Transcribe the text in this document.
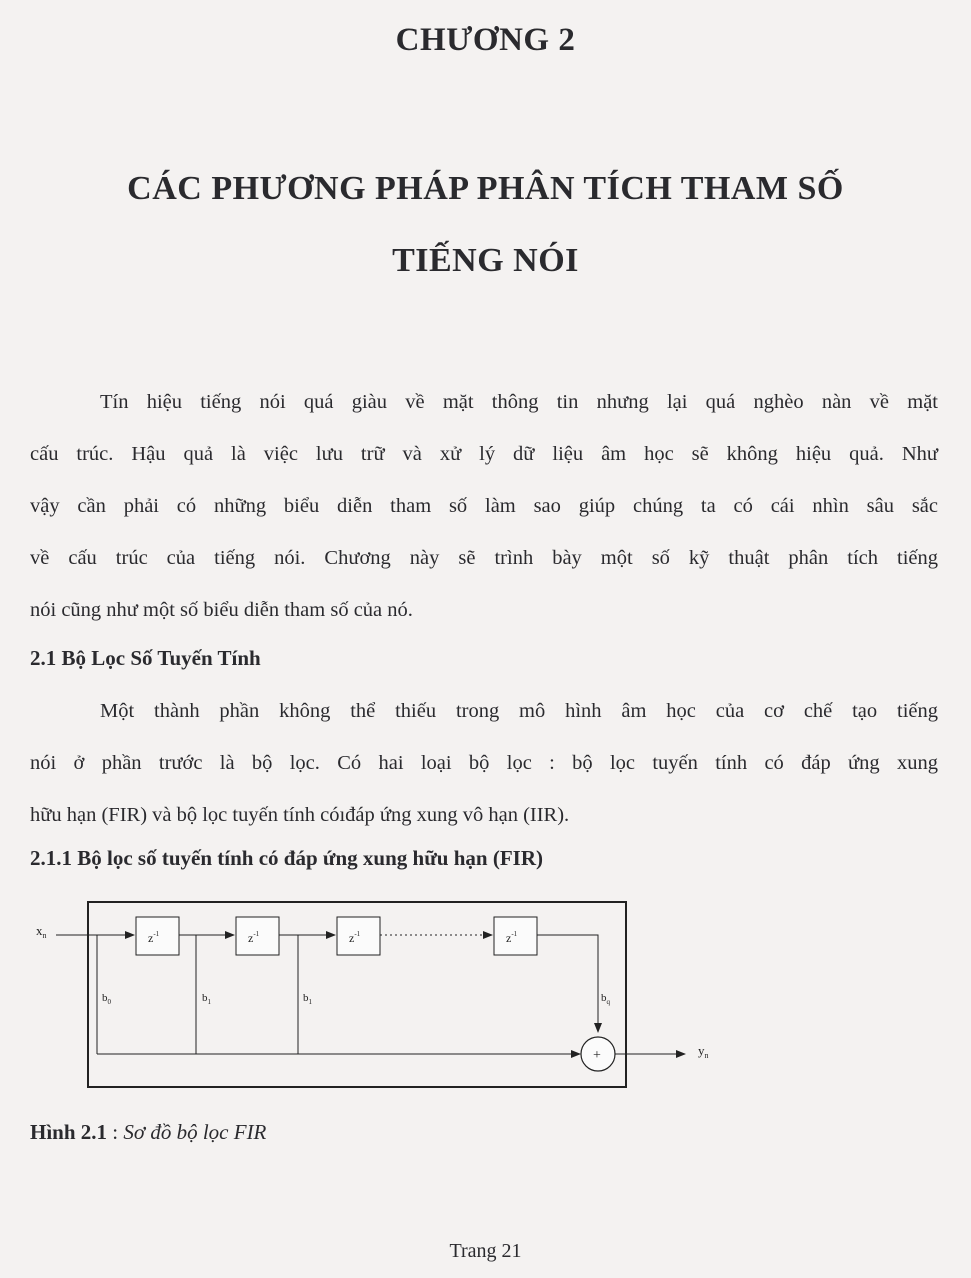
CHƯƠNG 2
CÁC PHƯƠNG PHÁP PHÂN TÍCH THAM SỐ
TIẾNG NÓI
Tín hiệu tiếng nói quá giàu về mặt thông tin nhưng lại quá nghèo nàn về mặt
cấu trúc. Hậu quả là việc lưu trữ và xử lý dữ liệu âm học sẽ không hiệu quả. Như
vậy cần phải có những biểu diễn tham số làm sao giúp chúng ta có cái nhìn sâu sắc
về cấu trúc của tiếng nói. Chương này sẽ trình bày một số kỹ thuật phân tích tiếng
nói cũng như một số biểu diễn tham số của nó.
2.1 Bộ Lọc Số Tuyến Tính
Một thành phần không thể thiếu trong mô hình âm học của cơ chế tạo tiếng
nói ở phần trước là bộ lọc. Có hai loại bộ lọc : bộ lọc tuyến tính có đáp ứng xung
hữu hạn (FIR) và bộ lọc tuyến tính cóıđáp ứng xung vô hạn (IIR).
2.1.1 Bộ lọc số tuyến tính có đáp ứng xung hữu hạn (FIR)
$x_n$	$z^{-1}$	$z^{-1}$	$z^{-1}$	$z^{-1}$
$b_0$	$b_1$	$b_1$	$b_q$
+	$y_n$
Hình 2.1 : Sơ đồ bộ lọc FIR
Trang 21
